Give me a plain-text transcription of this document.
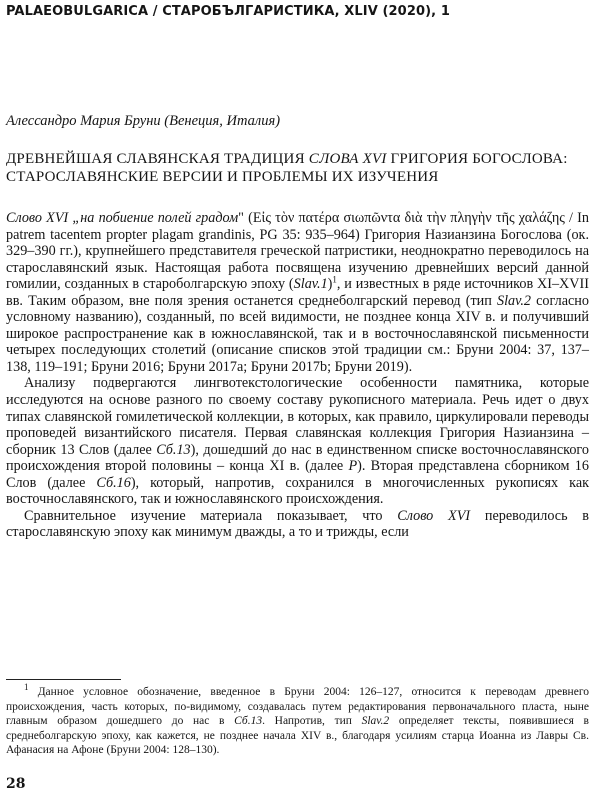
PALAEOBULGARICA / СТАРОБЪЛГАРИСТИКА, XLIV (2020), 1
Алессандро Мария Бруни (Венеция, Италия)
ДРЕВНЕЙШАЯ СЛАВЯНСКАЯ ТРАДИЦИЯ СЛОВА XVI ГРИГОРИЯ БОГОСЛОВА: СТАРОСЛАВЯНСКИЕ ВЕРСИИ И ПРОБЛЕМЫ ИХ ИЗУЧЕНИЯ

Слово XVI „на побиение полей градом" (Εἰς τὸν πατέρα σιωπῶντα διὰ τὴν πληγὴν τῆς χαλάζης / In patrem tacentem propter plagam grandinis, PG 35: 935–964) Григория Назианзина Богослова (ок. 329–390 гг.), крупнейшего представителя греческой патристики, неоднократно переводилось на старославянский язык. Настоящая работа посвящена изучению древнейших версий данной гомилии, созданных в староболгарскую эпоху (Slav.1)$^1$, и известных в ряде источников XI–XVII вв. Таким образом, вне поля зрения останется среднеболгарский перевод (тип Slav.2 согласно условному названию), созданный, по всей видимости, не позднее конца XIV в. и получивший широкое распространение как в южнославянской, так и в восточнославянской письменности четырех последующих столетий (описание списков этой традиции см.: Бруни 2004: 37, 137–138, 119–191; Бруни 2016; Бруни 2017a; Бруни 2017b; Бруни 2019).

Анализу подвергаются лингвотекстологические особенности памятника, которые исследуются на основе разного по своему составу рукописного материала. Речь идет о двух типах славянской гомилетической коллекции, в которых, как правило, циркулировали переводы проповедей византийского писателя. Первая славянская коллекция Григория Назианзина – сборник 13 Слов (далее Сб.13), дошедший до нас в единственном списке восточнославянского происхождения второй половины – конца XI в. (далее P). Вторая представлена сборником 16 Слов (далее Сб.16), который, напротив, сохранился в многочисленных рукописях как восточнославянского, так и южнославянского происхождения.

Сравнительное изучение материала показывает, что Слово XVI переводилось в старославянскую эпоху как минимум дважды, а то и трижды, если

$^1$ Данное условное обозначение, введенное в Бруни 2004: 126–127, относится к переводам древнего происхождения, часть которых, по-видимому, создавалась путем редактирования первоначального пласта, ныне главным образом дошедшего до нас в Сб.13. Напротив, тип Slav.2 определяет тексты, появившиеся в среднеболгарскую эпоху, как кажется, не позднее начала XIV в., благодаря усилиям старца Иоанна из Лавры Св. Афанасия на Афоне (Бруни 2004: 128–130).
28
